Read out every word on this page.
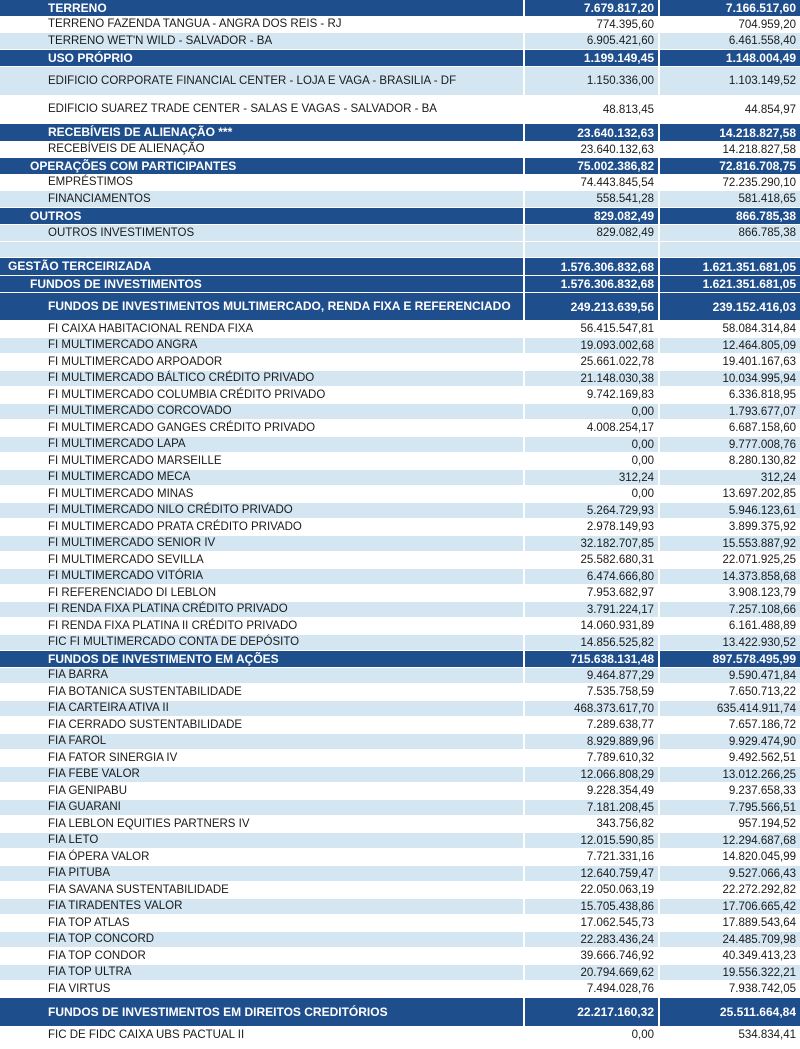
TERRENO	7.679.817,20	7.166.517,60
TERRENO FAZENDA TANGUA - ANGRA DOS REIS - RJ	774.395,60	704.959,20
TERRENO WET'N WILD - SALVADOR - BA	6.905.421,60	6.461.558,40
USO PRÓPRIO	1.199.149,45	1.148.004,49
EDIFICIO CORPORATE FINANCIAL CENTER - LOJA E VAGA - BRASILIA - DF	1.150.336,00	1.103.149,52
EDIFICIO SUAREZ TRADE CENTER - SALAS E VAGAS - SALVADOR - BA	48.813,45	44.854,97
RECEBÍVEIS DE ALIENAÇÃO ***	23.640.132,63	14.218.827,58
RECEBÍVEIS DE ALIENAÇÃO	23.640.132,63	14.218.827,58
OPERAÇÕES COM PARTICIPANTES	75.002.386,82	72.816.708,75
EMPRÉSTIMOS	74.443.845,54	72.235.290,10
FINANCIAMENTOS	558.541,28	581.418,65
OUTROS	829.082,49	866.785,38
OUTROS INVESTIMENTOS	829.082,49	866.785,38
GESTÃO TERCEIRIZADA	1.576.306.832,68	1.621.351.681,05
FUNDOS DE INVESTIMENTOS	1.576.306.832,68	1.621.351.681,05
FUNDOS DE INVESTIMENTOS MULTIMERCADO, RENDA FIXA E REFERENCIADO	249.213.639,56	239.152.416,03
FI CAIXA HABITACIONAL RENDA FIXA	56.415.547,81	58.084.314,84
FI MULTIMERCADO ANGRA	19.093.002,68	12.464.805,09
FI MULTIMERCADO ARPOADOR	25.661.022,78	19.401.167,63
FI MULTIMERCADO BÁLTICO CRÉDITO PRIVADO	21.148.030,38	10.034.995,94
FI MULTIMERCADO COLUMBIA CRÉDITO PRIVADO	9.742.169,83	6.336.818,95
FI MULTIMERCADO CORCOVADO	0,00	1.793.677,07
FI MULTIMERCADO GANGES CRÉDITO PRIVADO	4.008.254,17	6.687.158,60
FI MULTIMERCADO LAPA	0,00	9.777.008,76
FI MULTIMERCADO MARSEILLE	0,00	8.280.130,82
FI MULTIMERCADO MECA	312,24	312,24
FI MULTIMERCADO MINAS	0,00	13.697.202,85
FI MULTIMERCADO NILO CRÉDITO PRIVADO	5.264.729,93	5.946.123,61
FI MULTIMERCADO PRATA CRÉDITO PRIVADO	2.978.149,93	3.899.375,92
FI MULTIMERCADO SENIOR IV	32.182.707,85	15.553.887,92
FI MULTIMERCADO SEVILLA	25.582.680,31	22.071.925,25
FI MULTIMERCADO VITÓRIA	6.474.666,80	14.373.858,68
FI REFERENCIADO DI LEBLON	7.953.682,97	3.908.123,79
FI RENDA FIXA PLATINA CRÉDITO PRIVADO	3.791.224,17	7.257.108,66
FI RENDA FIXA PLATINA II CRÉDITO PRIVADO	14.060.931,89	6.161.488,89
FIC FI MULTIMERCADO CONTA DE DEPÓSITO	14.856.525,82	13.422.930,52
FUNDOS DE INVESTIMENTO EM AÇÕES	715.638.131,48	897.578.495,99
FIA BARRA	9.464.877,29	9.590.471,84
FIA BOTANICA SUSTENTABILIDADE	7.535.758,59	7.650.713,22
FIA CARTEIRA ATIVA II	468.373.617,70	635.414.911,74
FIA CERRADO SUSTENTABILIDADE	7.289.638,77	7.657.186,72
FIA FAROL	8.929.889,96	9.929.474,90
FIA FATOR SINERGIA IV	7.789.610,32	9.492.562,51
FIA FEBE VALOR	12.066.808,29	13.012.266,25
FIA GENIPABU	9.228.354,49	9.237.658,33
FIA GUARANI	7.181.208,45	7.795.566,51
FIA LEBLON EQUITIES PARTNERS IV	343.756,82	957.194,52
FIA LETO	12.015.590,85	12.294.687,68
FIA ÓPERA VALOR	7.721.331,16	14.820.045,99
FIA PITUBA	12.640.759,47	9.527.066,43
FIA SAVANA SUSTENTABILIDADE	22.050.063,19	22.272.292,82
FIA TIRADENTES VALOR	15.705.438,86	17.706.665,42
FIA TOP ATLAS	17.062.545,73	17.889.543,64
FIA TOP CONCORD	22.283.436,24	24.485.709,98
FIA TOP CONDOR	39.666.746,92	40.349.413,23
FIA TOP ULTRA	20.794.669,62	19.556.322,21
FIA VIRTUS	7.494.028,76	7.938.742,05
FUNDOS DE INVESTIMENTOS EM DIREITOS CREDITÓRIOS	22.217.160,32	25.511.664,84
FIC DE FIDC CAIXA UBS PACTUAL II	0,00	534.834,41
